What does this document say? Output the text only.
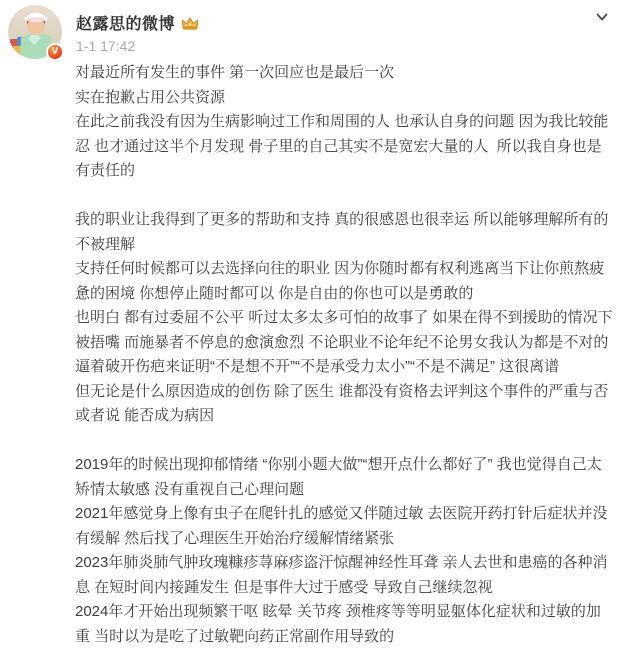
V
赵露思的微博
1-1 17:42

对最近所有发生的事件 第一次回应也是最后一次

实在抱歉占用公共资源

在此之前我没有因为生病影响过工作和周围的人 也承认自身的问题 因为我比较能忍 也才通过这半个月发现 骨子里的自己其实不是宽宏大量的人  所以我自身也是有责任的

我的职业让我得到了更多的帮助和支持 真的很感恩也很幸运 所以能够理解所有的不被理解

支持任何时候都可以去选择向往的职业 因为你随时都有权利逃离当下让你煎熬疲惫的困境 你想停止随时都可以 你是自由的你也可以是勇敢的

也明白 都有过委屈不公平 听过太多太多可怕的故事了 如果在得不到援助的情况下被捂嘴 而施暴者不停息的愈演愈烈 不论职业不论年纪不论男女我认为都是不对的

逼着破开伤疤来证明“不是想不开”“不是承受力太小”“不是不满足” 这很离谱

但无论是什么原因造成的创伤 除了医生 谁都没有资格去评判这个事件的严重与否或者说 能否成为病因

2019年的时候出现抑郁情绪 “你别小题大做”“想开点什么都好了” 我也觉得自己太矫情太敏感 没有重视自己心理问题

2021年感觉身上像有虫子在爬针扎的感觉又伴随过敏 去医院开药打针后症状并没有缓解 然后找了心理医生开始治疗缓解情绪紧张

2023年肺炎肺气肿玫瑰糠疹荨麻疹盗汗惊醒神经性耳聋 亲人去世和患癌的各种消息 在短时间内接踵发生 但是事件大过于感受 导致自己继续忽视

2024年才开始出现频繁干呕 眩晕 关节疼 颈椎疼等等明显躯体化症状和过敏的加重 当时以为是吃了过敏靶向药正常副作用导致的
